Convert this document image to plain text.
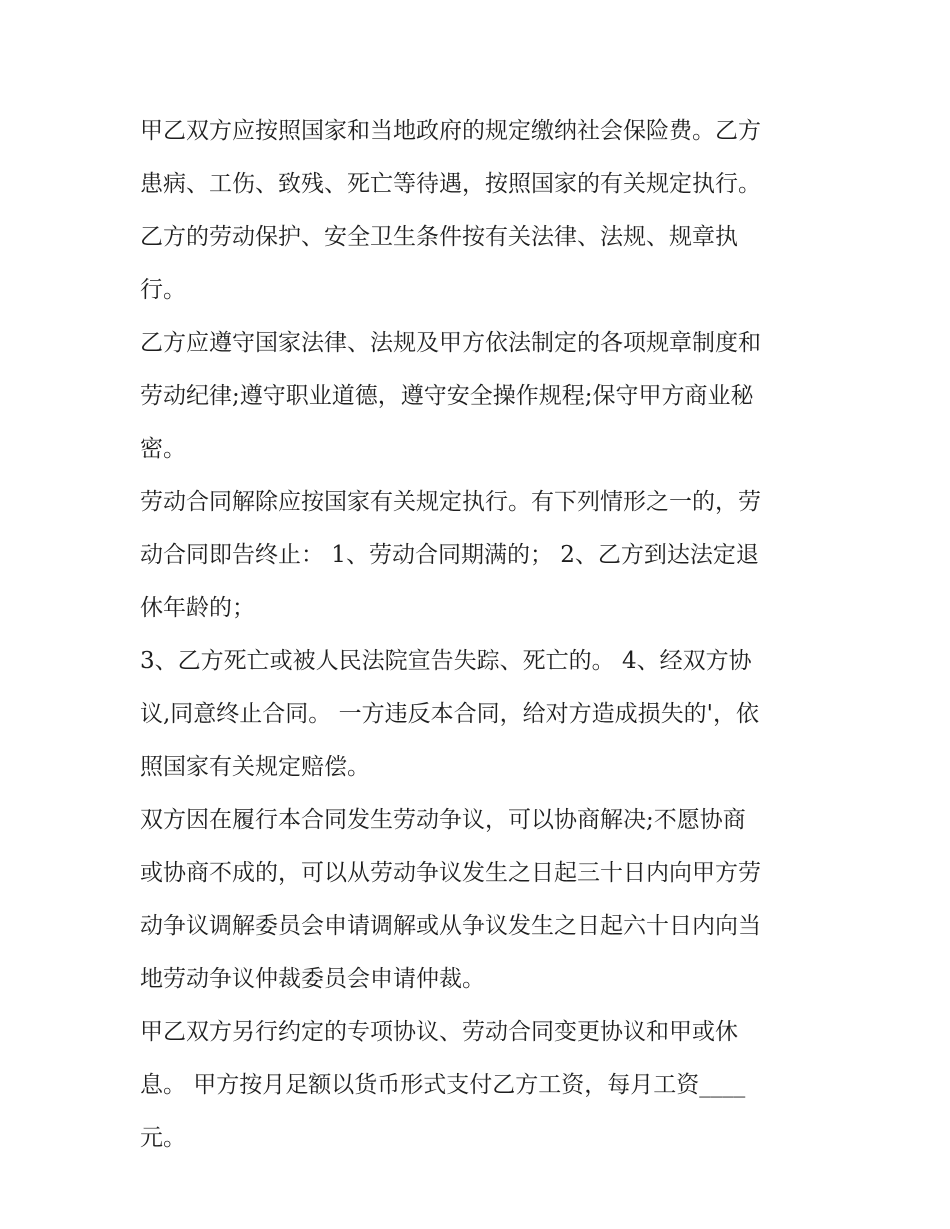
甲乙双方应按照国家和当地政府的规定缴纳社会保险费。乙方
患病、工伤、致残、死亡等待遇，按照国家的有关规定执行。
乙方的劳动保护、安全卫生条件按有关法律、法规、规章执
行。
乙方应遵守国家法律、法规及甲方依法制定的各项规章制度和
劳动纪律;遵守职业道德，遵守安全操作规程;保守甲方商业秘
密。
劳动合同解除应按国家有关规定执行。有下列情形之一的，劳
动合同即告终止： 1、劳动合同期满的； 2、乙方到达法定退
休年龄的；
3、乙方死亡或被人民法院宣告失踪、死亡的。 4、经双方协
议,同意终止合同。 一方违反本合同，给对方造成损失的'，依
照国家有关规定赔偿。
双方因在履行本合同发生劳动争议，可以协商解决;不愿协商
或协商不成的，可以从劳动争议发生之日起三十日内向甲方劳
动争议调解委员会申请调解或从争议发生之日起六十日内向当
地劳动争议仲裁委员会申请仲裁。
甲乙双方另行约定的专项协议、劳动合同变更协议和甲或休
息。 甲方按月足额以货币形式支付乙方工资，每月工资____
元。
